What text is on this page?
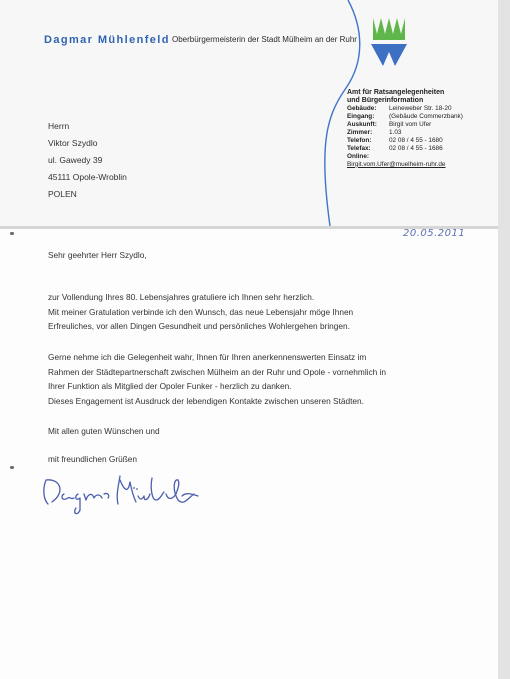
Dagmar Mühlenfeld Oberbürgermeisterin der Stadt Mülheim an der Ruhr
Herrn
Viktor Szydlo
ul. Gawedy 39
45111 Opole-Wroblin
POLEN
Amt für Ratsangelegenheiten
und Bürgerinformation
Gebäude: Leineweber Str. 18-20
Eingang: (Gebäude Commerzbank)
Auskunft: Birgit vom Ufer
Zimmer:	1.03
Telefon:	02 08 / 4 55 - 1680
Telefax:	02 08 / 4 55 - 1686
Online:
Birgit.vom.Ufer@muelheim-ruhr.de
20.05.2011

Sehr geehrter Herr Szydlo,

zur Vollendung Ihres 80. Lebensjahres gratuliere ich Ihnen sehr herzlich.

Mit meiner Gratulation verbinde ich den Wunsch, das neue Lebensjahr möge Ihnen

Erfreuliches, vor allen Dingen Gesundheit und persönliches Wohlergehen bringen.

Gerne nehme ich die Gelegenheit wahr, Ihnen für Ihren anerkennenswerten Einsatz im

Rahmen der Städtepartnerschaft zwischen Mülheim an der Ruhr und Opole - vornehmlich in

Ihrer Funktion als Mitglied der Opoler Funker - herzlich zu danken.

Dieses Engagement ist Ausdruck der lebendigen Kontakte zwischen unseren Städten.

Mit allen guten Wünschen und

mit freundlichen Grüßen
